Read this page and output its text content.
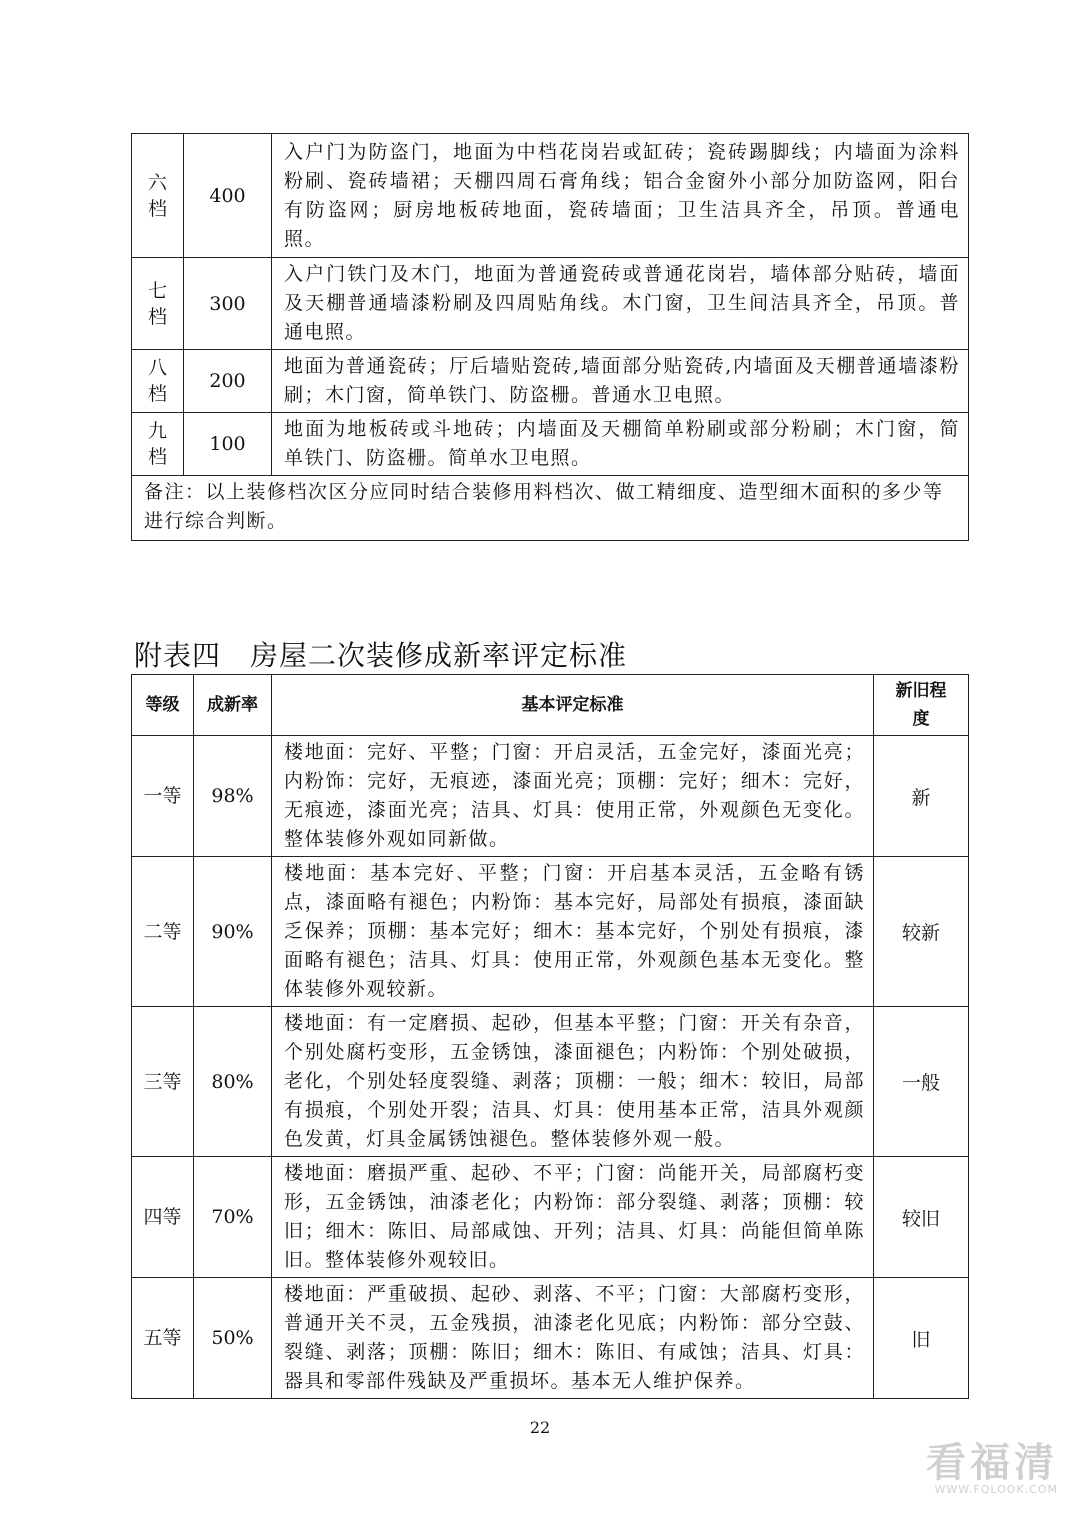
六档	400	入户门为防盗门，地面为中档花岗岩或缸砖；瓷砖踢脚线；内墙面为涂料粉刷、瓷砖墙裙；天棚四周石膏角线；铝合金窗外小部分加防盗网，阳台有防盗网；厨房地板砖地面，瓷砖墙面；卫生洁具齐全，吊顶。普通电照。
七档	300	入户门铁门及木门，地面为普通瓷砖或普通花岗岩，墙体部分贴砖，墙面及天棚普通墙漆粉刷及四周贴角线。木门窗，卫生间洁具齐全，吊顶。普通电照。
八档	200	地面为普通瓷砖；厅后墙贴瓷砖,墙面部分贴瓷砖,内墙面及天棚普通墙漆粉刷；木门窗，简单铁门、防盗栅。普通水卫电照。
九档	100	地面为地板砖或斗地砖；内墙面及天棚简单粉刷或部分粉刷；木门窗，简单铁门、防盗栅。简单水卫电照。
备注：以上装修档次区分应同时结合装修用料档次、做工精细度、造型细木面积的多少等进行综合判断。		
附表四　房屋二次装修成新率评定标准
等级	成新率	基本评定标准	新旧程度
一等	98%	楼地面：完好、平整；门窗：开启灵活，五金完好，漆面光亮；内粉饰：完好，无痕迹，漆面光亮；顶棚：完好；细木：完好，无痕迹，漆面光亮；洁具、灯具：使用正常，外观颜色无变化。整体装修外观如同新做。	新
二等	90%	楼地面：基本完好、平整；门窗：开启基本灵活，五金略有锈点，漆面略有褪色；内粉饰：基本完好，局部处有损痕，漆面缺乏保养；顶棚：基本完好；细木：基本完好，个别处有损痕，漆面略有褪色；洁具、灯具：使用正常，外观颜色基本无变化。整体装修外观较新。	较新
三等	80%	楼地面：有一定磨损、起砂，但基本平整；门窗：开关有杂音，个别处腐朽变形，五金锈蚀，漆面褪色；内粉饰：个别处破损，老化，个别处轻度裂缝、剥落；顶棚：一般；细木：较旧，局部有损痕，个别处开裂；洁具、灯具：使用基本正常，洁具外观颜色发黄，灯具金属锈蚀褪色。整体装修外观一般。	一般
四等	70%	楼地面：磨损严重、起砂、不平；门窗：尚能开关，局部腐朽变形，五金锈蚀，油漆老化；内粉饰：部分裂缝、剥落；顶棚：较旧；细木：陈旧、局部咸蚀、开列；洁具、灯具：尚能但简单陈旧。整体装修外观较旧。	较旧
五等	50%	楼地面：严重破损、起砂、剥落、不平；门窗：大部腐朽变形，普通开关不灵，五金残损，油漆老化见底；内粉饰：部分空鼓、裂缝、剥落；顶棚：陈旧；细木：陈旧、有咸蚀；洁具、灯具：器具和零部件残缺及严重损坏。基本无人维护保养。	旧
22
看福清
WWW.FQLOOK.COM
